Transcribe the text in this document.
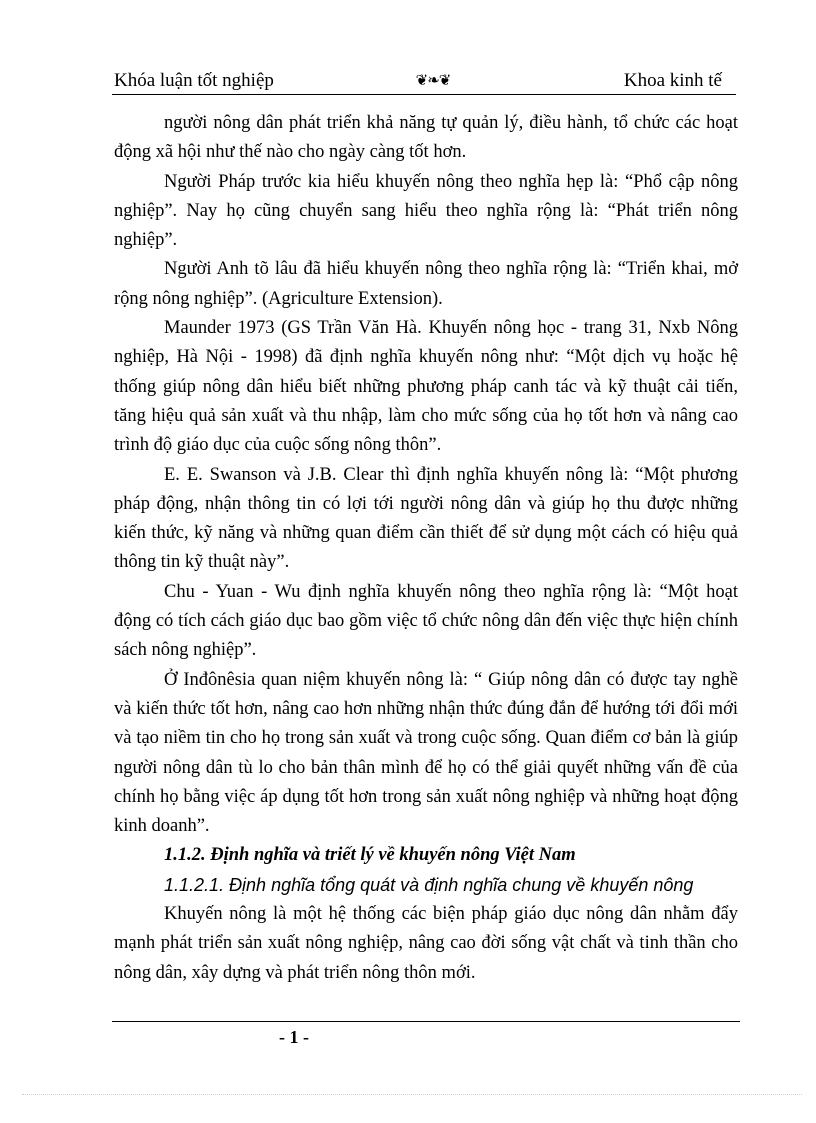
Khóa luận tốt nghiệp	❦❧❦	Khoa kinh tế

người nông dân phát triển khả năng tự quản lý, điều hành, tổ chức các hoạt động xã hội như thế nào cho ngày càng tốt hơn.

Người Pháp trước kia hiểu khuyến nông theo nghĩa hẹp là: “Phổ cập nông nghiệp”. Nay họ cũng chuyển sang hiểu theo nghĩa rộng là: “Phát triển nông nghiệp”.

Người Anh tõ lâu đã hiểu khuyến nông theo nghĩa rộng là: “Triển khai, mở rộng nông nghiệp”. (Agriculture Extension).

Maunder 1973 (GS Trần Văn Hà. Khuyến nông học - trang 31, Nxb Nông nghiệp, Hà Nội - 1998) đã định nghĩa khuyến nông như: “Một dịch vụ hoặc hệ thống giúp nông dân hiểu biết những phương pháp canh tác và kỹ thuật cải tiến, tăng hiệu quả sản xuất và thu nhập, làm cho mức sống của họ tốt hơn và nâng cao trình độ giáo dục của cuộc sống nông thôn”.

E. E. Swanson và J.B. Clear thì định nghĩa khuyến nông là: “Một phương pháp động, nhận thông tin có lợi tới người nông dân và giúp họ thu được những kiến thức, kỹ năng và những quan điểm cần thiết để sử dụng một cách có hiệu quả thông tin kỹ thuật này”.

Chu - Yuan - Wu định nghĩa khuyến nông theo nghĩa rộng là: “Một hoạt động có tích cách giáo dục bao gồm việc tổ chức nông dân đến việc thực hiện chính sách nông nghiệp”.

Ở Inđônêsia quan niệm khuyến nông là: “ Giúp nông dân có được tay nghề và kiến thức tốt hơn, nâng cao hơn những nhận thức đúng đắn để hướng tới đổi mới và tạo niềm tin cho họ trong sản xuất và trong cuộc sống. Quan điểm cơ bản là giúp người nông dân tù lo cho bản thân mình để họ có thể giải quyết những vấn đề của chính họ bằng việc áp dụng tốt hơn trong sản xuất nông nghiệp và những hoạt động kinh doanh”.

1.1.2. Định nghĩa và triết lý về khuyến nông Việt Nam
1.1.2.1. Định nghĩa tổng quát và định nghĩa chung về khuyến nông

Khuyến nông là một hệ thống các biện pháp giáo dục nông dân nhằm đẩy mạnh phát triển sản xuất nông nghiệp, nâng cao đời sống vật chất và tinh thần cho nông dân, xây dựng và phát triển nông thôn mới.

- 1 -
